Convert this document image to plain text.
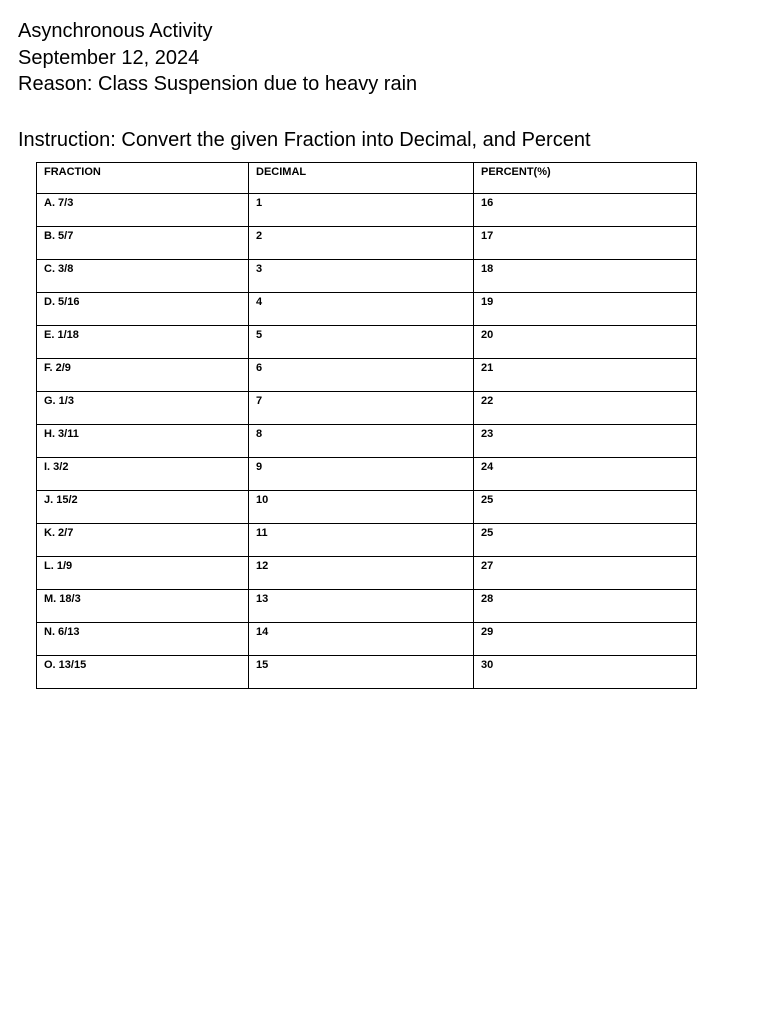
Asynchronous Activity
September 12, 2024
Reason: Class Suspension due to heavy rain
Instruction: Convert the given Fraction into Decimal, and Percent
FRACTION	DECIMAL	PERCENT(%)
A. 7/3	1	16
B. 5/7	2	17
C. 3/8	3	18
D. 5/16	4	19
E. 1/18	5	20
F. 2/9	6	21
G. 1/3	7	22
H. 3/11	8	23
I. 3/2	9	24
J. 15/2	10	25
K. 2/7	11	25
L. 1/9	12	27
M. 18/3	13	28
N. 6/13	14	29
O. 13/15	15	30
